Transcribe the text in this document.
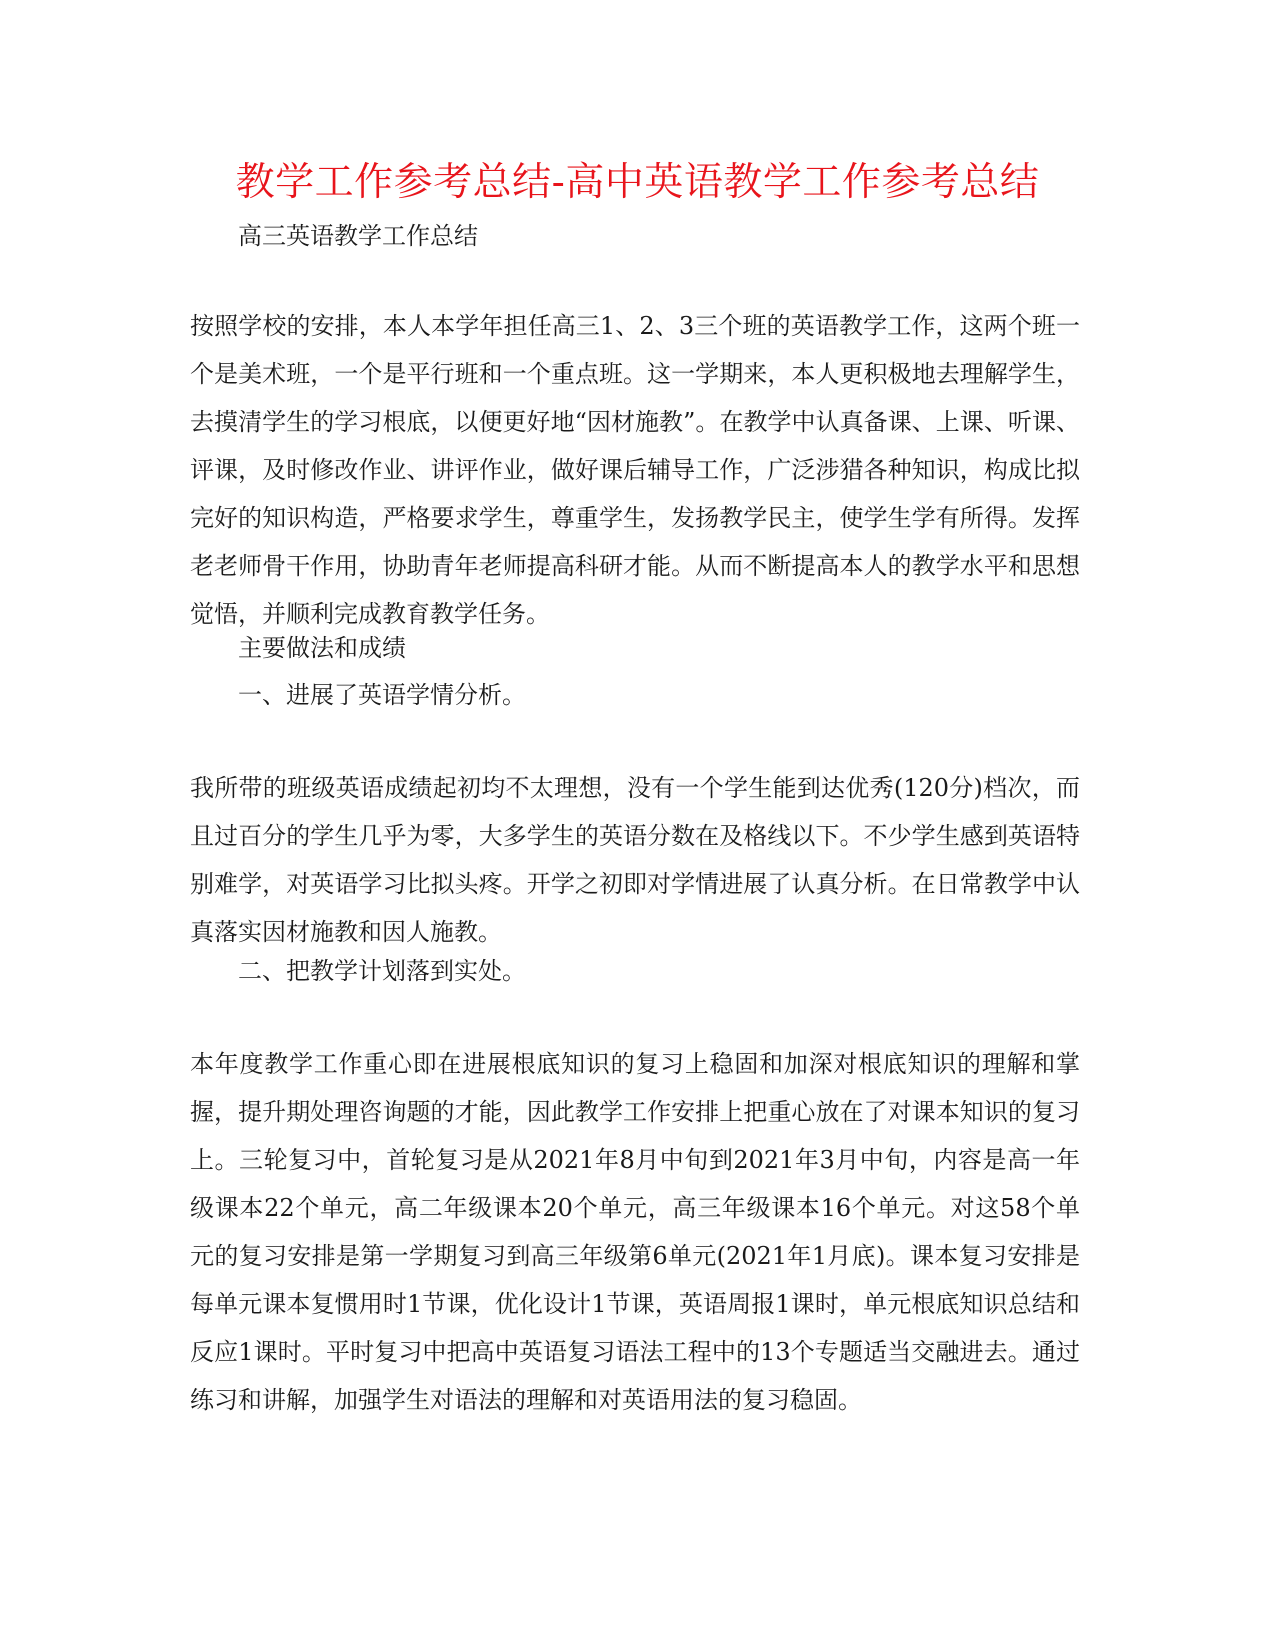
教学工作参考总结-高中英语教学工作参考总结

高三英语教学工作总结

按照学校的安排，本人本学年担任高三1、2、3三个班的英语教学工作，这两个班一个是美术班，一个是平行班和一个重点班。这一学期来，本人更积极地去理解学生，去摸清学生的学习根底，以便更好地“因材施教”。在教学中认真备课、上课、听课、评课，及时修改作业、讲评作业，做好课后辅导工作，广泛涉猎各种知识，构成比拟完好的知识构造，严格要求学生，尊重学生，发扬教学民主，使学生学有所得。发挥老老师骨干作用，协助青年老师提高科研才能。从而不断提高本人的教学水平和思想觉悟，并顺利完成教育教学任务。

主要做法和成绩

一、进展了英语学情分析。

我所带的班级英语成绩起初均不太理想，没有一个学生能到达优秀(120分)档次，而且过百分的学生几乎为零，大多学生的英语分数在及格线以下。不少学生感到英语特别难学，对英语学习比拟头疼。开学之初即对学情进展了认真分析。在日常教学中认真落实因材施教和因人施教。

二、把教学计划落到实处。

本年度教学工作重心即在进展根底知识的复习上稳固和加深对根底知识的理解和掌握，提升期处理咨询题的才能，因此教学工作安排上把重心放在了对课本知识的复习上。三轮复习中，首轮复习是从2021年8月中旬到2021年3月中旬，内容是高一年级课本22个单元，高二年级课本20个单元，高三年级课本16个单元。对这58个单元的复习安排是第一学期复习到高三年级第6单元(2021年1月底)。课本复习安排是每单元课本复惯用时1节课，优化设计1节课，英语周报1课时，单元根底知识总结和反应1课时。平时复习中把高中英语复习语法工程中的13个专题适当交融进去。通过练习和讲解，加强学生对语法的理解和对英语用法的复习稳固。
